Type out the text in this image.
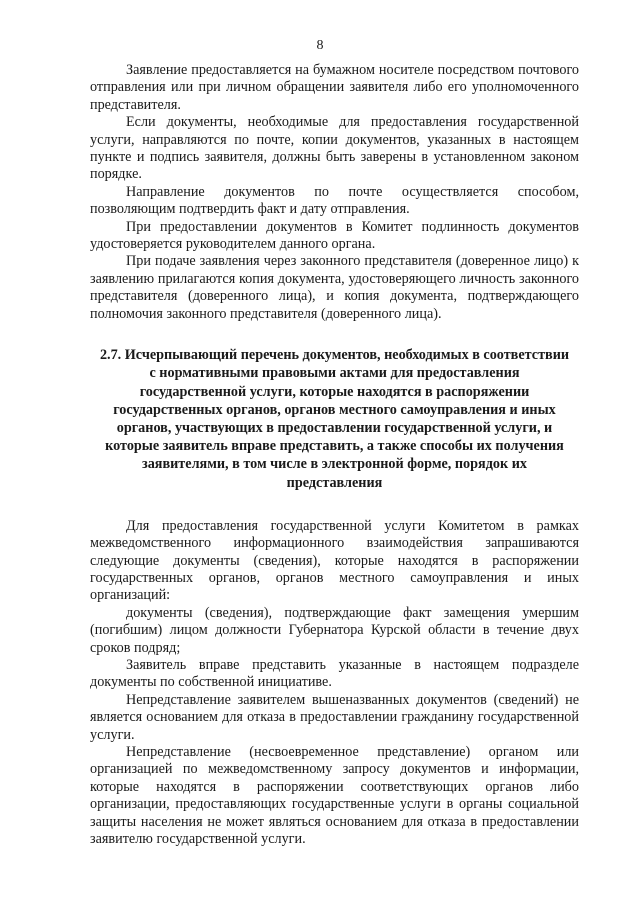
8

Заявление предоставляется на бумажном носителе посредством почтового отправления или при личном обращении заявителя либо его уполномоченного представителя.

Если документы, необходимые для предоставления государственной услуги, направляются по почте, копии документов, указанных в настоящем пункте и подпись заявителя, должны быть заверены в установленном законом порядке.

Направление документов по почте осуществляется способом, позволяющим подтвердить факт и дату отправления.

При предоставлении документов в Комитет подлинность документов удостоверяется руководителем данного органа.

При подаче заявления через законного представителя (доверенное лицо) к заявлению прилагаются копия документа, удостоверяющего личность законного представителя (доверенного лица), и копия документа, подтверждающего полномочия законного представителя (доверенного лица).

2.7. Исчерпывающий перечень документов, необходимых в соответствии с нормативными правовыми актами для предоставления государственной услуги, которые находятся в распоряжении государственных органов, органов местного самоуправления и иных органов, участвующих в предоставлении государственной услуги, и которые заявитель вправе представить, а также способы их получения заявителями, в том числе в электронной форме, порядок их представления

Для предоставления государственной услуги Комитетом в рамках межведомственного информационного взаимодействия запрашиваются следующие документы (сведения), которые находятся в распоряжении государственных органов, органов местного самоуправления и иных организаций:

документы (сведения), подтверждающие факт замещения умершим (погибшим) лицом должности Губернатора Курской области в течение двух сроков подряд;

Заявитель вправе представить указанные в настоящем подразделе документы по собственной инициативе.

Непредставление заявителем вышеназванных документов (сведений) не является основанием для отказа в предоставлении гражданину государственной услуги.

Непредставление (несвоевременное представление) органом или организацией по межведомственному запросу документов и информации, которые находятся в распоряжении соответствующих органов либо организации, предоставляющих государственные услуги в органы социальной защиты населения не может являться основанием для отказа в предоставлении заявителю государственной услуги.
